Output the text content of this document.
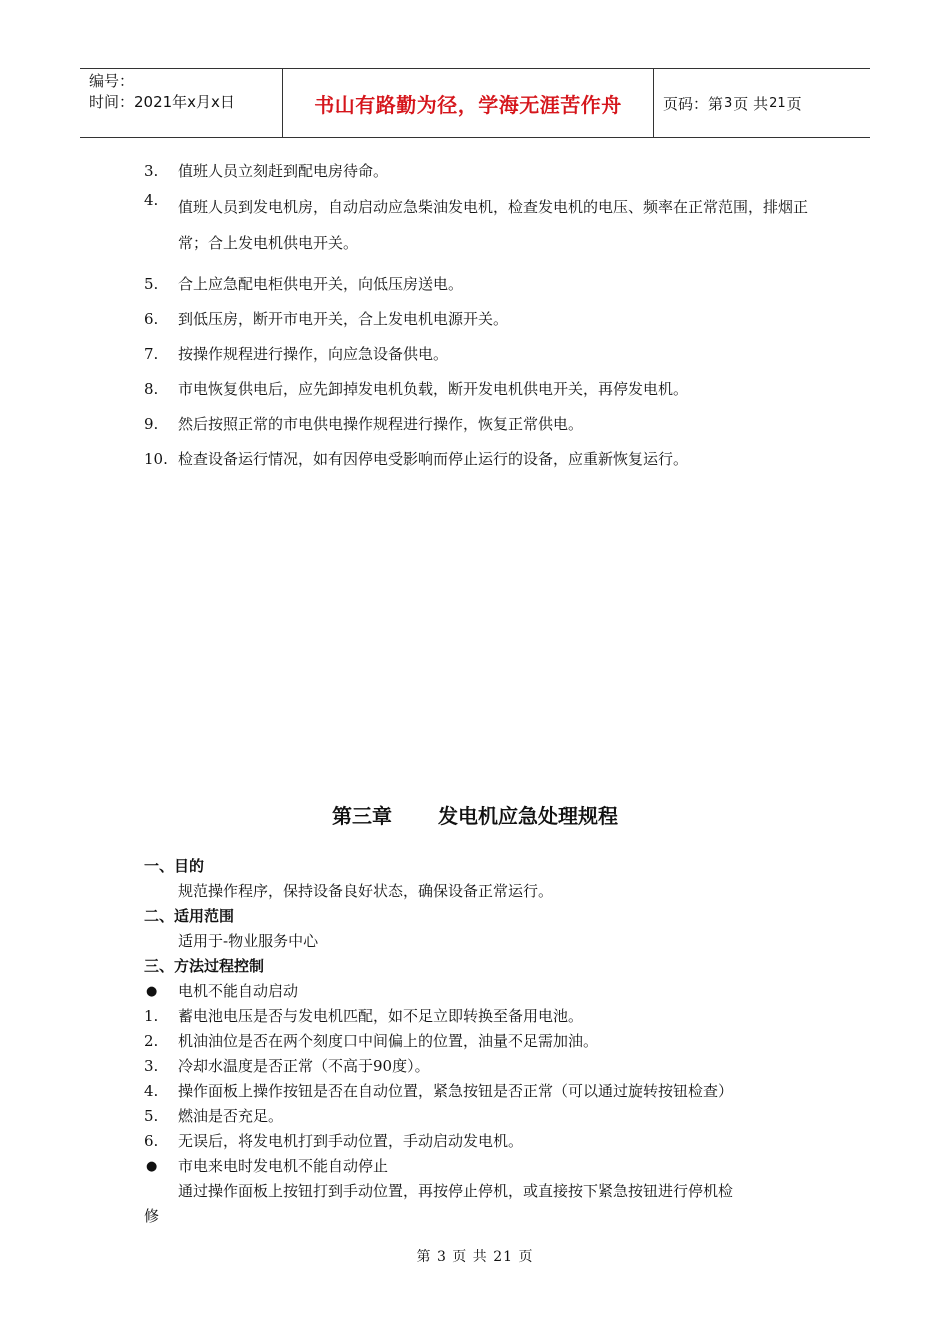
编号：
时间：2021年x月x日	书山有路勤为径，学海无涯苦作舟	页码：第 3 页 共 21 页
3. 值班人员立刻赶到配电房待命。
4. 值班人员到发电机房，自动启动应急柴油发电机，检查发电机的电压、频率在正常范围，排烟正常；合上发电机供电开关。
5. 合上应急配电柜供电开关，向低压房送电。
6. 到低压房，断开市电开关，合上发电机电源开关。
7. 按操作规程进行操作，向应急设备供电。
8. 市电恢复供电后，应先卸掉发电机负载，断开发电机供电开关，再停发电机。
9. 然后按照正常的市电供电操作规程进行操作，恢复正常供电。
10. 检查设备运行情况，如有因停电受影响而停止运行的设备，应重新恢复运行。
第三章 发电机应急处理规程
一、目的
规范操作程序，保持设备良好状态，确保设备正常运行。
二、适用范围
适用于-物业服务中心
三、方法过程控制
● 电机不能自动启动
1. 蓄电池电压是否与发电机匹配，如不足立即转换至备用电池。
2. 机油油位是否在两个刻度口中间偏上的位置，油量不足需加油。
3. 冷却水温度是否正常（不高于90度）。
4. 操作面板上操作按钮是否在自动位置，紧急按钮是否正常（可以通过旋转按钮检查）
5. 燃油是否充足。
6. 无误后，将发电机打到手动位置，手动启动发电机。
● 市电来电时发电机不能自动停止
通过操作面板上按钮打到手动位置，再按停止停机，或直接按下紧急按钮进行停机检
修
第 3 页 共 21 页
